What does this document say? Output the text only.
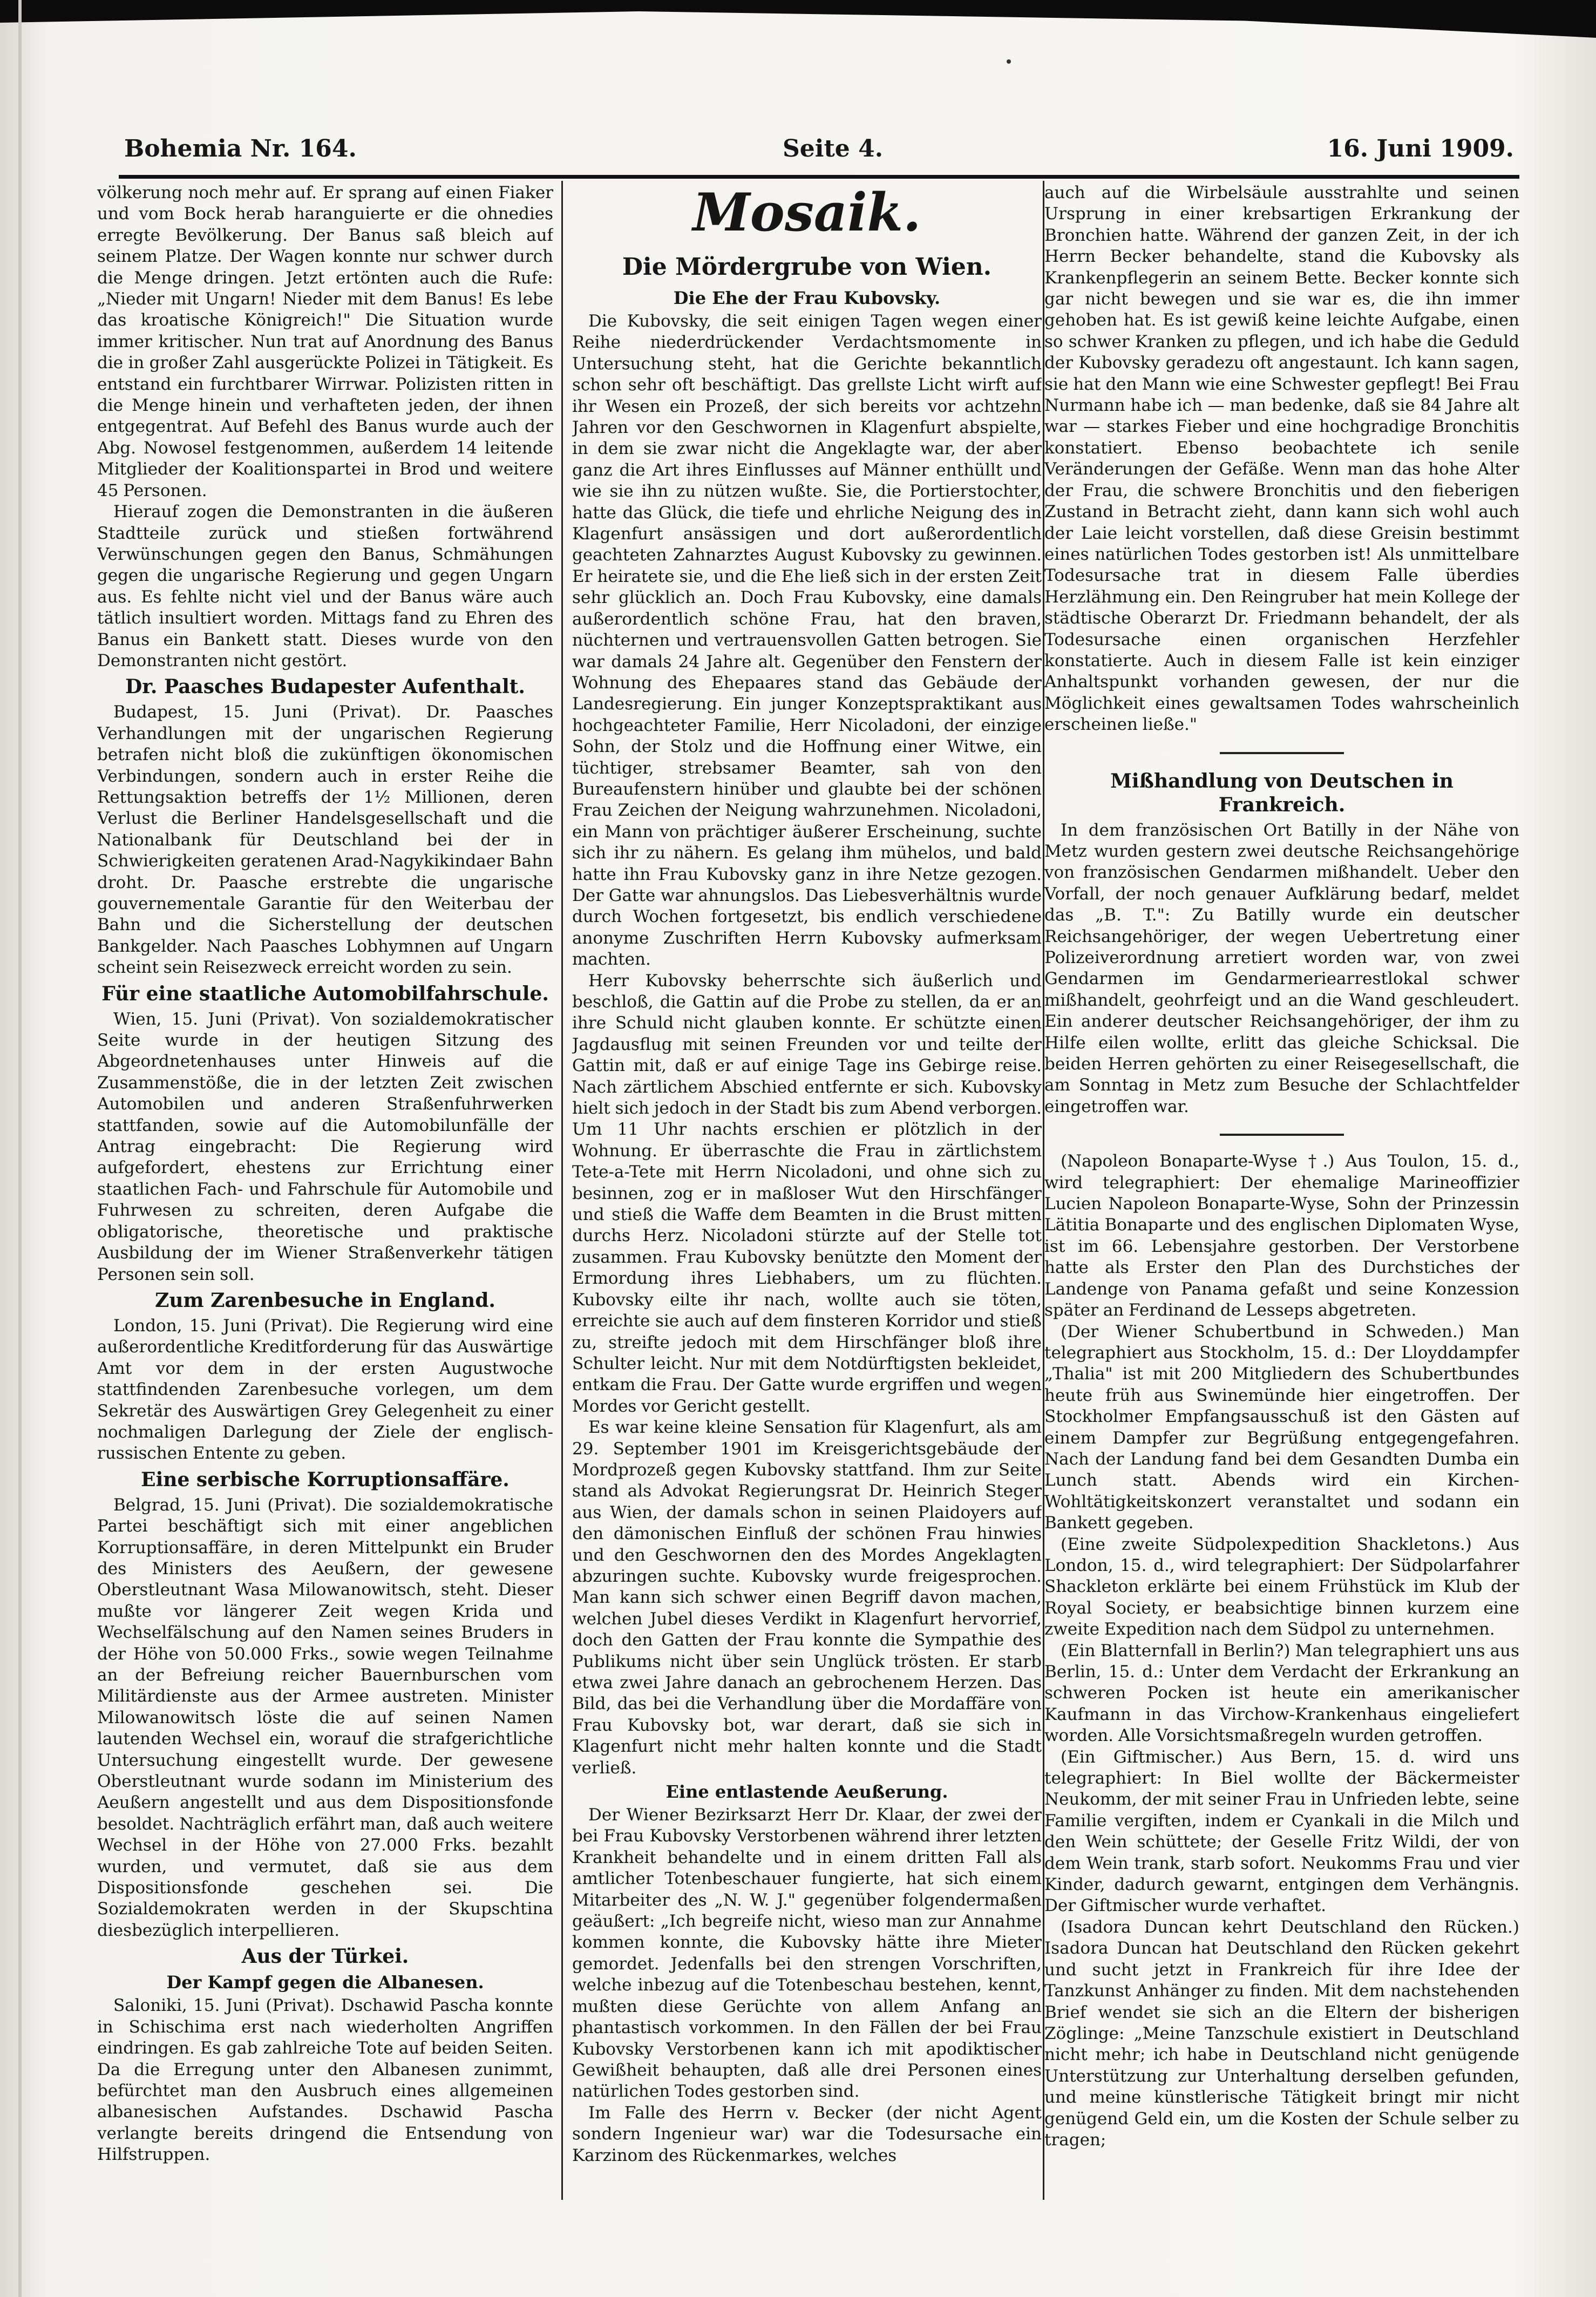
Bohemia Nr. 164.	Seite 4.	16. Juni 1909.

völkerung noch mehr auf. Er sprang auf einen Fiaker und vom Bock herab haranguierte er die ohnedies erregte Bevölkerung. Der Banus saß bleich auf seinem Platze. Der Wagen konnte nur schwer durch die Menge dringen. Jetzt ertönten auch die Rufe: „Nieder mit Ungarn! Nieder mit dem Banus! Es lebe das kroatische Königreich!" Die Situation wurde immer kritischer. Nun trat auf Anordnung des Banus die in großer Zahl ausgerückte Polizei in Tätigkeit. Es entstand ein furchtbarer Wirrwar. Polizisten ritten in die Menge hinein und verhafteten jeden, der ihnen entgegentrat. Auf Befehl des Banus wurde auch der Abg. Nowosel festgenommen, außerdem 14 leitende Mitglieder der Koalitionspartei in Brod und weitere 45 Personen.

Hierauf zogen die Demonstranten in die äußeren Stadtteile zurück und stießen fortwährend Verwünschungen gegen den Banus, Schmähungen gegen die ungarische Regierung und gegen Ungarn aus. Es fehlte nicht viel und der Banus wäre auch tätlich insultiert worden. Mittags fand zu Ehren des Banus ein Bankett statt. Dieses wurde von den Demonstranten nicht gestört.

Dr. Paasches Budapester Aufenthalt.

Budapest, 15. Juni (Privat). Dr. Paasches Verhandlungen mit der ungarischen Regierung betrafen nicht bloß die zukünftigen ökonomischen Verbindungen, sondern auch in erster Reihe die Rettungsaktion betreffs der 1½ Millionen, deren Verlust die Berliner Handelsgesellschaft und die Nationalbank für Deutschland bei der in Schwierigkeiten geratenen Arad-Nagykikindaer Bahn droht. Dr. Paasche erstrebte die ungarische gouvernementale Garantie für den Weiterbau der Bahn und die Sicherstellung der deutschen Bankgelder. Nach Paasches Lobhymnen auf Ungarn scheint sein Reisezweck erreicht worden zu sein.

Für eine staatliche Automobilfahrschule.

Wien, 15. Juni (Privat). Von sozialdemokratischer Seite wurde in der heutigen Sitzung des Abgeordnetenhauses unter Hinweis auf die Zusammenstöße, die in der letzten Zeit zwischen Automobilen und anderen Straßenfuhrwerken stattfanden, sowie auf die Automobilunfälle der Antrag eingebracht: Die Regierung wird aufgefordert, ehestens zur Errichtung einer staatlichen Fach- und Fahrschule für Automobile und Fuhrwesen zu schreiten, deren Aufgabe die obligatorische, theoretische und praktische Ausbildung der im Wiener Straßenverkehr tätigen Personen sein soll.

Zum Zarenbesuche in England.

London, 15. Juni (Privat). Die Regierung wird eine außerordentliche Kreditforderung für das Auswärtige Amt vor dem in der ersten Augustwoche stattfindenden Zarenbesuche vorlegen, um dem Sekretär des Auswärtigen Grey Gelegenheit zu einer nochmaligen Darlegung der Ziele der englisch-russischen Entente zu geben.

Eine serbische Korruptionsaffäre.

Belgrad, 15. Juni (Privat). Die sozialdemokratische Partei beschäftigt sich mit einer angeblichen Korruptionsaffäre, in deren Mittelpunkt ein Bruder des Ministers des Aeußern, der gewesene Oberstleutnant Wasa Milowanowitsch, steht. Dieser mußte vor längerer Zeit wegen Krida und Wechselfälschung auf den Namen seines Bruders in der Höhe von 50.000 Frks., sowie wegen Teilnahme an der Befreiung reicher Bauernburschen vom Militärdienste aus der Armee austreten. Minister Milowanowitsch löste die auf seinen Namen lautenden Wechsel ein, worauf die strafgerichtliche Untersuchung eingestellt wurde. Der gewesene Oberstleutnant wurde sodann im Ministerium des Aeußern angestellt und aus dem Dispositionsfonde besoldet. Nachträglich erfährt man, daß auch weitere Wechsel in der Höhe von 27.000 Frks. bezahlt wurden, und vermutet, daß sie aus dem Dispositionsfonde geschehen sei. Die Sozialdemokraten werden in der Skupschtina diesbezüglich interpellieren.

Aus der Türkei.
Der Kampf gegen die Albanesen.

Saloniki, 15. Juni (Privat). Dschawid Pascha konnte in Schischima erst nach wiederholten Angriffen eindringen. Es gab zahlreiche Tote auf beiden Seiten. Da die Erregung unter den Albanesen zunimmt, befürchtet man den Ausbruch eines allgemeinen albanesischen Aufstandes. Dschawid Pascha verlangte bereits dringend die Entsendung von Hilfstruppen.

Mosaik.
Die Mördergrube von Wien.
Die Ehe der Frau Kubovsky.

Die Kubovsky, die seit einigen Tagen wegen einer Reihe niederdrückender Verdachtsmomente in Untersuchung steht, hat die Gerichte bekanntlich schon sehr oft beschäftigt. Das grellste Licht wirft auf ihr Wesen ein Prozeß, der sich bereits vor achtzehn Jahren vor den Geschwornen in Klagenfurt abspielte, in dem sie zwar nicht die Angeklagte war, der aber ganz die Art ihres Einflusses auf Männer enthüllt und wie sie ihn zu nützen wußte. Sie, die Portierstochter, hatte das Glück, die tiefe und ehrliche Neigung des in Klagenfurt ansässigen und dort außerordentlich geachteten Zahnarztes August Kubovsky zu gewinnen. Er heiratete sie, und die Ehe ließ sich in der ersten Zeit sehr glücklich an. Doch Frau Kubovsky, eine damals außerordentlich schöne Frau, hat den braven, nüchternen und vertrauensvollen Gatten betrogen. Sie war damals 24 Jahre alt. Gegenüber den Fenstern der Wohnung des Ehepaares stand das Gebäude der Landesregierung. Ein junger Konzeptspraktikant aus hochgeachteter Familie, Herr Nicoladoni, der einzige Sohn, der Stolz und die Hoffnung einer Witwe, ein tüchtiger, strebsamer Beamter, sah von den Bureaufenstern hinüber und glaubte bei der schönen Frau Zeichen der Neigung wahrzunehmen. Nicoladoni, ein Mann von prächtiger äußerer Erscheinung, suchte sich ihr zu nähern. Es gelang ihm mühelos, und bald hatte ihn Frau Kubovsky ganz in ihre Netze gezogen. Der Gatte war ahnungslos. Das Liebesverhältnis wurde durch Wochen fortgesetzt, bis endlich verschiedene anonyme Zuschriften Herrn Kubovsky aufmerksam machten.

Herr Kubovsky beherrschte sich äußerlich und beschloß, die Gattin auf die Probe zu stellen, da er an ihre Schuld nicht glauben konnte. Er schützte einen Jagdausflug mit seinen Freunden vor und teilte der Gattin mit, daß er auf einige Tage ins Gebirge reise. Nach zärtlichem Abschied entfernte er sich. Kubovsky hielt sich jedoch in der Stadt bis zum Abend verborgen. Um 11 Uhr nachts erschien er plötzlich in der Wohnung. Er überraschte die Frau in zärtlichstem Tete-a-Tete mit Herrn Nicoladoni, und ohne sich zu besinnen, zog er in maßloser Wut den Hirschfänger und stieß die Waffe dem Beamten in die Brust mitten durchs Herz. Nicoladoni stürzte auf der Stelle tot zusammen. Frau Kubovsky benützte den Moment der Ermordung ihres Liebhabers, um zu flüchten. Kubovsky eilte ihr nach, wollte auch sie töten, erreichte sie auch auf dem finsteren Korridor und stieß zu, streifte jedoch mit dem Hirschfänger bloß ihre Schulter leicht. Nur mit dem Notdürftigsten bekleidet, entkam die Frau. Der Gatte wurde ergriffen und wegen Mordes vor Gericht gestellt.

Es war keine kleine Sensation für Klagenfurt, als am 29. September 1901 im Kreisgerichtsgebäude der Mordprozeß gegen Kubovsky stattfand. Ihm zur Seite stand als Advokat Regierungsrat Dr. Heinrich Steger aus Wien, der damals schon in seinen Plaidoyers auf den dämonischen Einfluß der schönen Frau hinwies und den Geschwornen den des Mordes Angeklagten abzuringen suchte. Kubovsky wurde freigesprochen. Man kann sich schwer einen Begriff davon machen, welchen Jubel dieses Verdikt in Klagenfurt hervorrief, doch den Gatten der Frau konnte die Sympathie des Publikums nicht über sein Unglück trösten. Er starb etwa zwei Jahre danach an gebrochenem Herzen. Das Bild, das bei die Verhandlung über die Mordaffäre von Frau Kubovsky bot, war derart, daß sie sich in Klagenfurt nicht mehr halten konnte und die Stadt verließ.

Eine entlastende Aeußerung.

Der Wiener Bezirksarzt Herr Dr. Klaar, der zwei der bei Frau Kubovsky Verstorbenen während ihrer letzten Krankheit behandelte und in einem dritten Fall als amtlicher Totenbeschauer fungierte, hat sich einem Mitarbeiter des „N. W. J." gegenüber folgendermaßen geäußert: „Ich begreife nicht, wieso man zur Annahme kommen konnte, die Kubovsky hätte ihre Mieter gemordet. Jedenfalls bei den strengen Vorschriften, welche inbezug auf die Totenbeschau bestehen, kennt, mußten diese Gerüchte von allem Anfang an phantastisch vorkommen. In den Fällen der bei Frau Kubovsky Verstorbenen kann ich mit apodiktischer Gewißheit behaupten, daß alle drei Personen eines natürlichen Todes gestorben sind.

Im Falle des Herrn v. Becker (der nicht Agent sondern Ingenieur war) war die Todesursache ein Karzinom des Rückenmarkes, welches

auch auf die Wirbelsäule ausstrahlte und seinen Ursprung in einer krebsartigen Erkrankung der Bronchien hatte. Während der ganzen Zeit, in der ich Herrn Becker behandelte, stand die Kubovsky als Krankenpflegerin an seinem Bette. Becker konnte sich gar nicht bewegen und sie war es, die ihn immer gehoben hat. Es ist gewiß keine leichte Aufgabe, einen so schwer Kranken zu pflegen, und ich habe die Geduld der Kubovsky geradezu oft angestaunt. Ich kann sagen, sie hat den Mann wie eine Schwester gepflegt! Bei Frau Nurmann habe ich — man bedenke, daß sie 84 Jahre alt war — starkes Fieber und eine hochgradige Bronchitis konstatiert. Ebenso beobachtete ich senile Veränderungen der Gefäße. Wenn man das hohe Alter der Frau, die schwere Bronchitis und den fieberigen Zustand in Betracht zieht, dann kann sich wohl auch der Laie leicht vorstellen, daß diese Greisin bestimmt eines natürlichen Todes gestorben ist! Als unmittelbare Todesursache trat in diesem Falle überdies Herzlähmung ein. Den Reingruber hat mein Kollege der städtische Oberarzt Dr. Friedmann behandelt, der als Todesursache einen organischen Herzfehler konstatierte. Auch in diesem Falle ist kein einziger Anhaltspunkt vorhanden gewesen, der nur die Möglichkeit eines gewaltsamen Todes wahrscheinlich erscheinen ließe."

Mißhandlung von Deutschen in Frankreich.

In dem französischen Ort Batilly in der Nähe von Metz wurden gestern zwei deutsche Reichsangehörige von französischen Gendarmen mißhandelt. Ueber den Vorfall, der noch genauer Aufklärung bedarf, meldet das „B. T.": Zu Batilly wurde ein deutscher Reichsangehöriger, der wegen Uebertretung einer Polizeiverordnung arretiert worden war, von zwei Gendarmen im Gendarmeriearrestlokal schwer mißhandelt, geohrfeigt und an die Wand geschleudert. Ein anderer deutscher Reichsangehöriger, der ihm zu Hilfe eilen wollte, erlitt das gleiche Schicksal. Die beiden Herren gehörten zu einer Reisegesellschaft, die am Sonntag in Metz zum Besuche der Schlachtfelder eingetroffen war.

(Napoleon Bonaparte-Wyse †.) Aus Toulon, 15. d., wird telegraphiert: Der ehemalige Marineoffizier Lucien Napoleon Bonaparte-Wyse, Sohn der Prinzessin Lätitia Bonaparte und des englischen Diplomaten Wyse, ist im 66. Lebensjahre gestorben. Der Verstorbene hatte als Erster den Plan des Durchstiches der Landenge von Panama gefaßt und seine Konzession später an Ferdinand de Lesseps abgetreten.

(Der Wiener Schubertbund in Schweden.) Man telegraphiert aus Stockholm, 15. d.: Der Lloyddampfer „Thalia" ist mit 200 Mitgliedern des Schubertbundes heute früh aus Swinemünde hier eingetroffen. Der Stockholmer Empfangsausschuß ist den Gästen auf einem Dampfer zur Begrüßung entgegengefahren. Nach der Landung fand bei dem Gesandten Dumba ein Lunch statt. Abends wird ein Kirchen-Wohltätigkeitskonzert veranstaltet und sodann ein Bankett gegeben.

(Eine zweite Südpolexpedition Shackletons.) Aus London, 15. d., wird telegraphiert: Der Südpolarfahrer Shackleton erklärte bei einem Frühstück im Klub der Royal Society, er beabsichtige binnen kurzem eine zweite Expedition nach dem Südpol zu unternehmen.

(Ein Blatternfall in Berlin?) Man telegraphiert uns aus Berlin, 15. d.: Unter dem Verdacht der Erkrankung an schweren Pocken ist heute ein amerikanischer Kaufmann in das Virchow-Krankenhaus eingeliefert worden. Alle Vorsichtsmaßregeln wurden getroffen.

(Ein Giftmischer.) Aus Bern, 15. d. wird uns telegraphiert: In Biel wollte der Bäckermeister Neukomm, der mit seiner Frau in Unfrieden lebte, seine Familie vergiften, indem er Cyankali in die Milch und den Wein schüttete; der Geselle Fritz Wildi, der von dem Wein trank, starb sofort. Neukomms Frau und vier Kinder, dadurch gewarnt, entgingen dem Verhängnis. Der Giftmischer wurde verhaftet.

(Isadora Duncan kehrt Deutschland den Rücken.) Isadora Duncan hat Deutschland den Rücken gekehrt und sucht jetzt in Frankreich für ihre Idee der Tanzkunst Anhänger zu finden. Mit dem nachstehenden Brief wendet sie sich an die Eltern der bisherigen Zöglinge: „Meine Tanzschule existiert in Deutschland nicht mehr; ich habe in Deutschland nicht genügende Unterstützung zur Unterhaltung derselben gefunden, und meine künstlerische Tätigkeit bringt mir nicht genügend Geld ein, um die Kosten der Schule selber zu tragen;
